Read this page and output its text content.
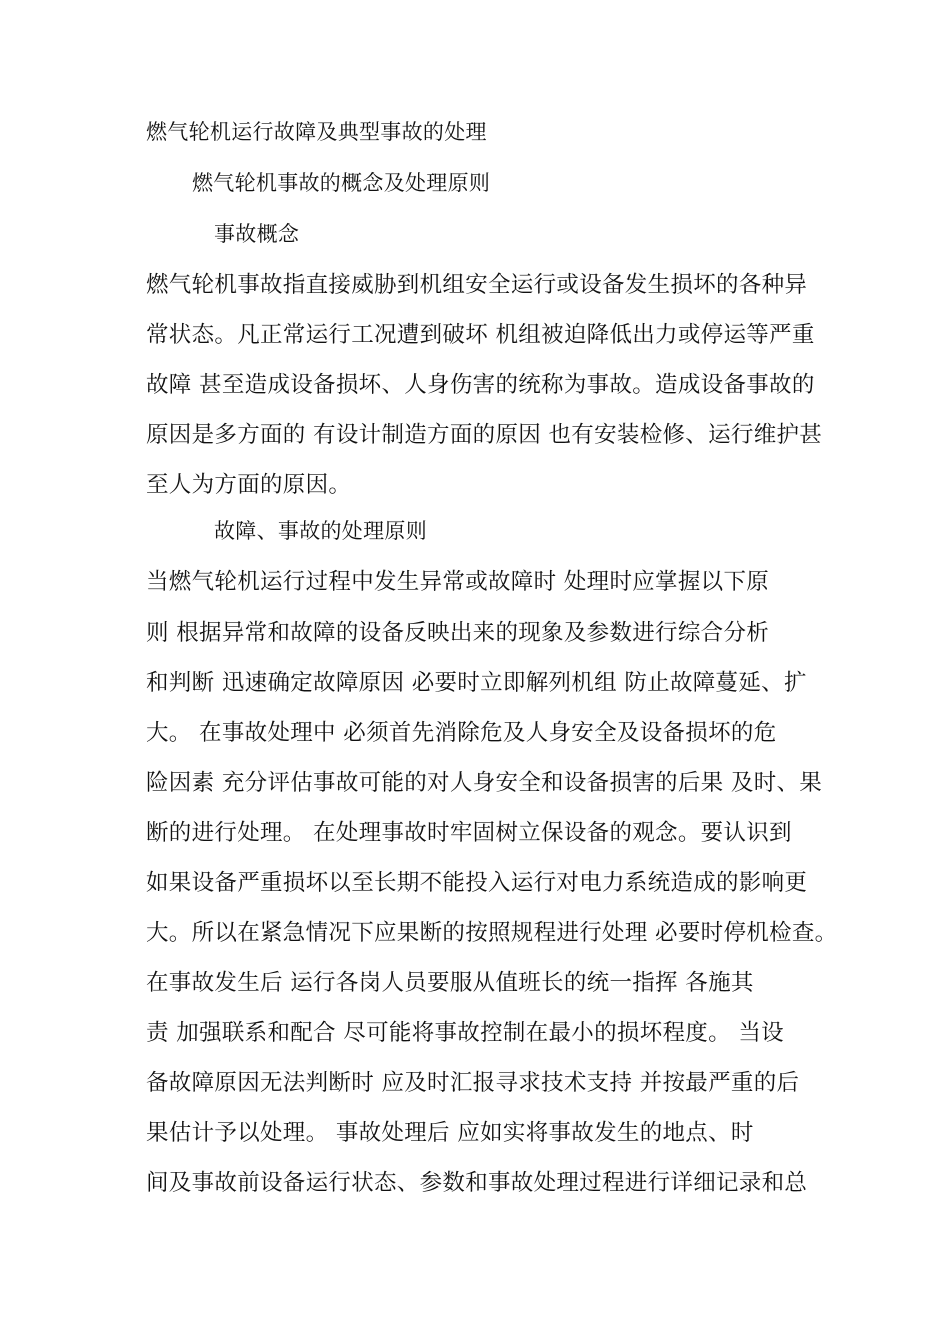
燃气轮机运行故障及典型事故的处理
燃气轮机事故的概念及处理原则
事故概念
燃气轮机事故指直接威胁到机组安全运行或设备发生损坏的各种异
常状态。凡正常运行工况遭到破坏 机组被迫降低出力或停运等严重
故障 甚至造成设备损坏、人身伤害的统称为事故。造成设备事故的
原因是多方面的 有设计制造方面的原因 也有安装检修、运行维护甚
至人为方面的原因。
故障、事故的处理原则
当燃气轮机运行过程中发生异常或故障时 处理时应掌握以下原
则 根据异常和故障的设备反映出来的现象及参数进行综合分析
和判断 迅速确定故障原因 必要时立即解列机组 防止故障蔓延、扩
大。 在事故处理中 必须首先消除危及人身安全及设备损坏的危
险因素 充分评估事故可能的对人身安全和设备损害的后果 及时、果
断的进行处理。 在处理事故时牢固树立保设备的观念。要认识到
如果设备严重损坏以至长期不能投入运行对电力系统造成的影响更
大。所以在紧急情况下应果断的按照规程进行处理 必要时停机检查。
在事故发生后 运行各岗人员要服从值班长的统一指挥 各施其
责 加强联系和配合 尽可能将事故控制在最小的损坏程度。 当设
备故障原因无法判断时 应及时汇报寻求技术支持 并按最严重的后
果估计予以处理。 事故处理后 应如实将事故发生的地点、时
间及事故前设备运行状态、参数和事故处理过程进行详细记录和总
